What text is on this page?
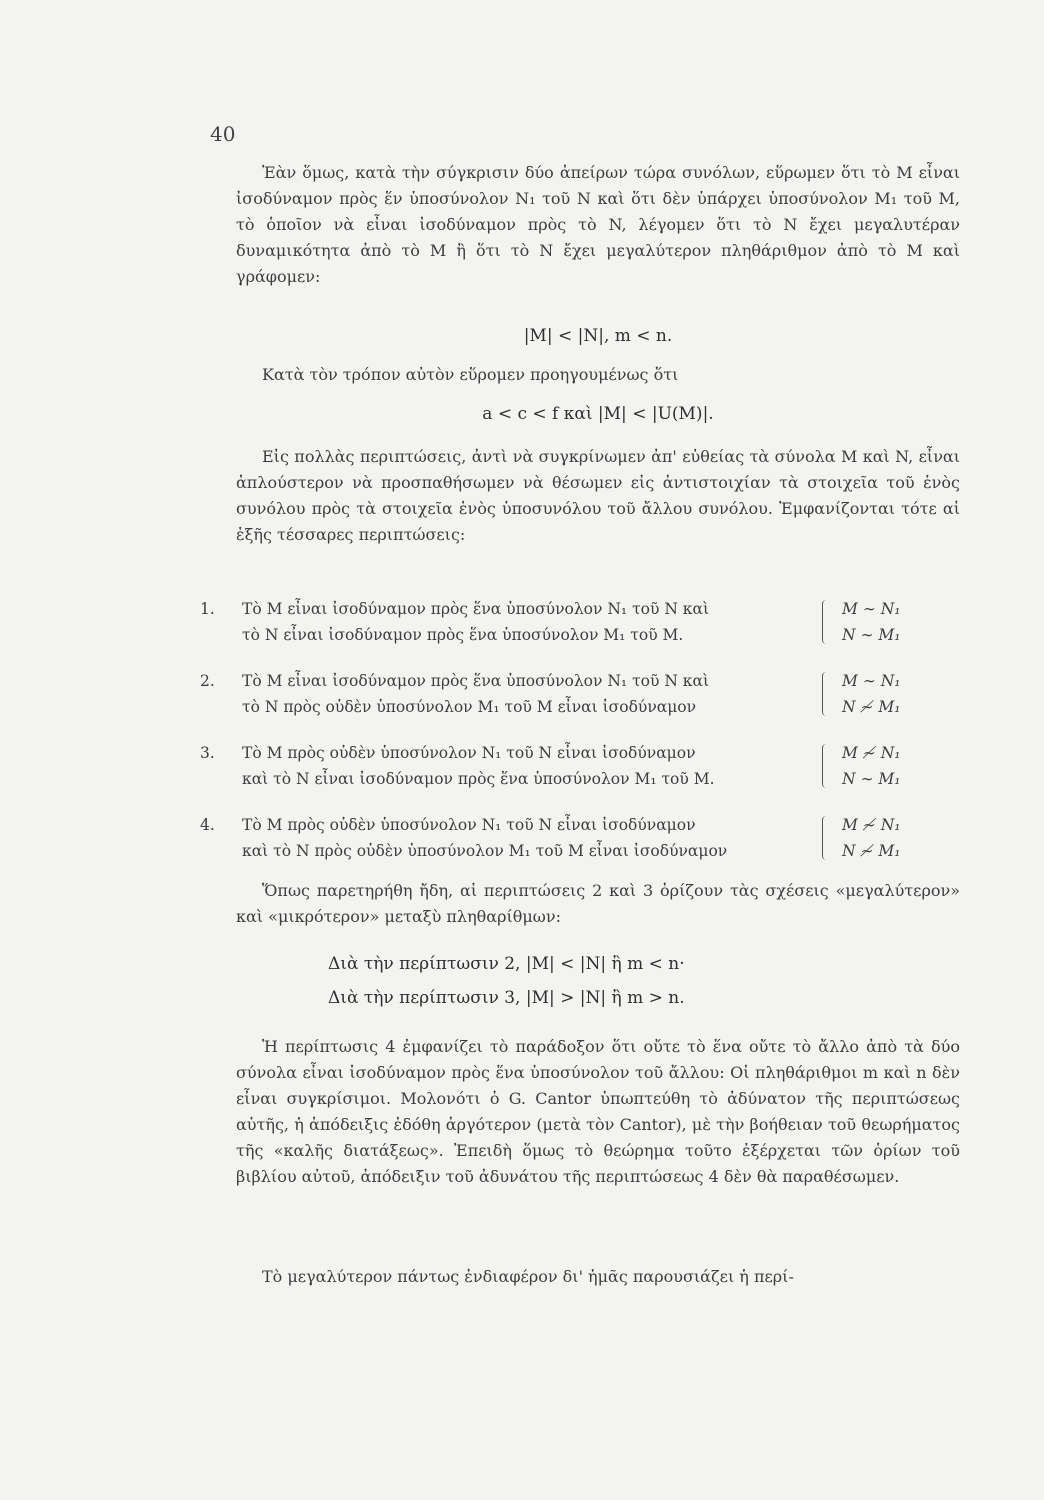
40
Ἐὰν ὅμως, κατὰ τὴν σύγκρισιν δύο ἀπείρων τώρα συνόλων, εὕρωμεν ὅτι τὸ M εἶναι ἰσοδύναμον πρὸς ἕν ὑποσύνολον N₁ τοῦ N καὶ ὅτι δὲν ὑπάρχει ὑποσύνολον M₁ τοῦ M, τὸ ὁποῖον νὰ εἶναι ἰσοδύναμον πρὸς τὸ N, λέγομεν ὅτι τὸ N ἔχει μεγαλυτέραν δυναμικότητα ἀπὸ τὸ M ἢ ὅτι τὸ N ἔχει μεγαλύτερον πληθάριθμον ἀπὸ τὸ M καὶ γράφομεν:
|M| < |N|, m < n.
Κατὰ τὸν τρόπον αὐτὸν εὕρομεν προηγουμένως ὅτι
a < c < f καὶ |M| < |U(M)|.
Εἰς πολλὰς περιπτώσεις, ἀντὶ νὰ συγκρίνωμεν ἀπ' εὐθείας τὰ σύνολα M καὶ N, εἶναι ἁπλούστερον νὰ προσπαθήσωμεν νὰ θέσωμεν εἰς ἀντιστοιχίαν τὰ στοιχεῖα τοῦ ἑνὸς συνόλου πρὸς τὰ στοιχεῖα ἑνὸς ὑποσυνόλου τοῦ ἄλλου συνόλου. Ἐμφανίζονται τότε αἱ ἑξῆς τέσσαρες περιπτώσεις:
1. Τὸ M εἶναι ἰσοδύναμον πρὸς ἕνα ὑποσύνολον N₁ τοῦ N καὶ
τὸ N εἶναι ἰσοδύναμον πρὸς ἕνα ὑποσύνολον M₁ τοῦ M.
M ∼ N₁
N ∼ M₁
2. Τὸ M εἶναι ἰσοδύναμον πρὸς ἕνα ὑποσύνολον N₁ τοῦ N καὶ
τὸ N πρὸς οὐδὲν ὑποσύνολον M₁ τοῦ M εἶναι ἰσοδύναμον
M ∼ N₁
N ≁ M₁
3. Τὸ M πρὸς οὐδὲν ὑποσύνολον N₁ τοῦ N εἶναι ἰσοδύναμον
καὶ τὸ N εἶναι ἰσοδύναμον πρὸς ἕνα ὑποσύνολον M₁ τοῦ M.
M ≁ N₁
N ∼ M₁
4. Τὸ M πρὸς οὐδὲν ὑποσύνολον N₁ τοῦ N εἶναι ἰσοδύναμον
καὶ τὸ N πρὸς οὐδὲν ὑποσύνολον M₁ τοῦ M εἶναι ἰσοδύναμον
M ≁ N₁
N ≁ M₁
Ὅπως παρετηρήθη ἤδη, αἱ περιπτώσεις 2 καὶ 3 ὁρίζουν τὰς σχέσεις «μεγαλύτερον» καὶ «μικρότερον» μεταξὺ πληθαρίθμων:
Διὰ τὴν περίπτωσιν 2, |M| < |N| ἢ m < n·
Διὰ τὴν περίπτωσιν 3, |M| > |N| ἢ m > n.
Ἡ περίπτωσις 4 ἐμφανίζει τὸ παράδοξον ὅτι οὔτε τὸ ἕνα οὔτε τὸ ἄλλο ἀπὸ τὰ δύο σύνολα εἶναι ἰσοδύναμον πρὸς ἕνα ὑποσύνολον τοῦ ἄλλου: Οἱ πληθάριθμοι m καὶ n δὲν εἶναι συγκρίσιμοι. Μολονότι ὁ G. Cantor ὑπωπτεύθη τὸ ἀδύνατον τῆς περιπτώσεως αὐτῆς, ἡ ἀπόδειξις ἐδόθη ἀργότερον (μετὰ τὸν Cantor), μὲ τὴν βοήθειαν τοῦ θεωρήματος τῆς «καλῆς διατάξεως». Ἐπειδὴ ὅμως τὸ θεώρημα τοῦτο ἐξέρχεται τῶν ὁρίων τοῦ βιβλίου αὐτοῦ, ἀπόδειξιν τοῦ ἀδυνάτου τῆς περιπτώσεως 4 δὲν θὰ παραθέσωμεν.
Τὸ μεγαλύτερον πάντως ἐνδιαφέρον δι' ἡμᾶς παρουσιάζει ἡ περί-
